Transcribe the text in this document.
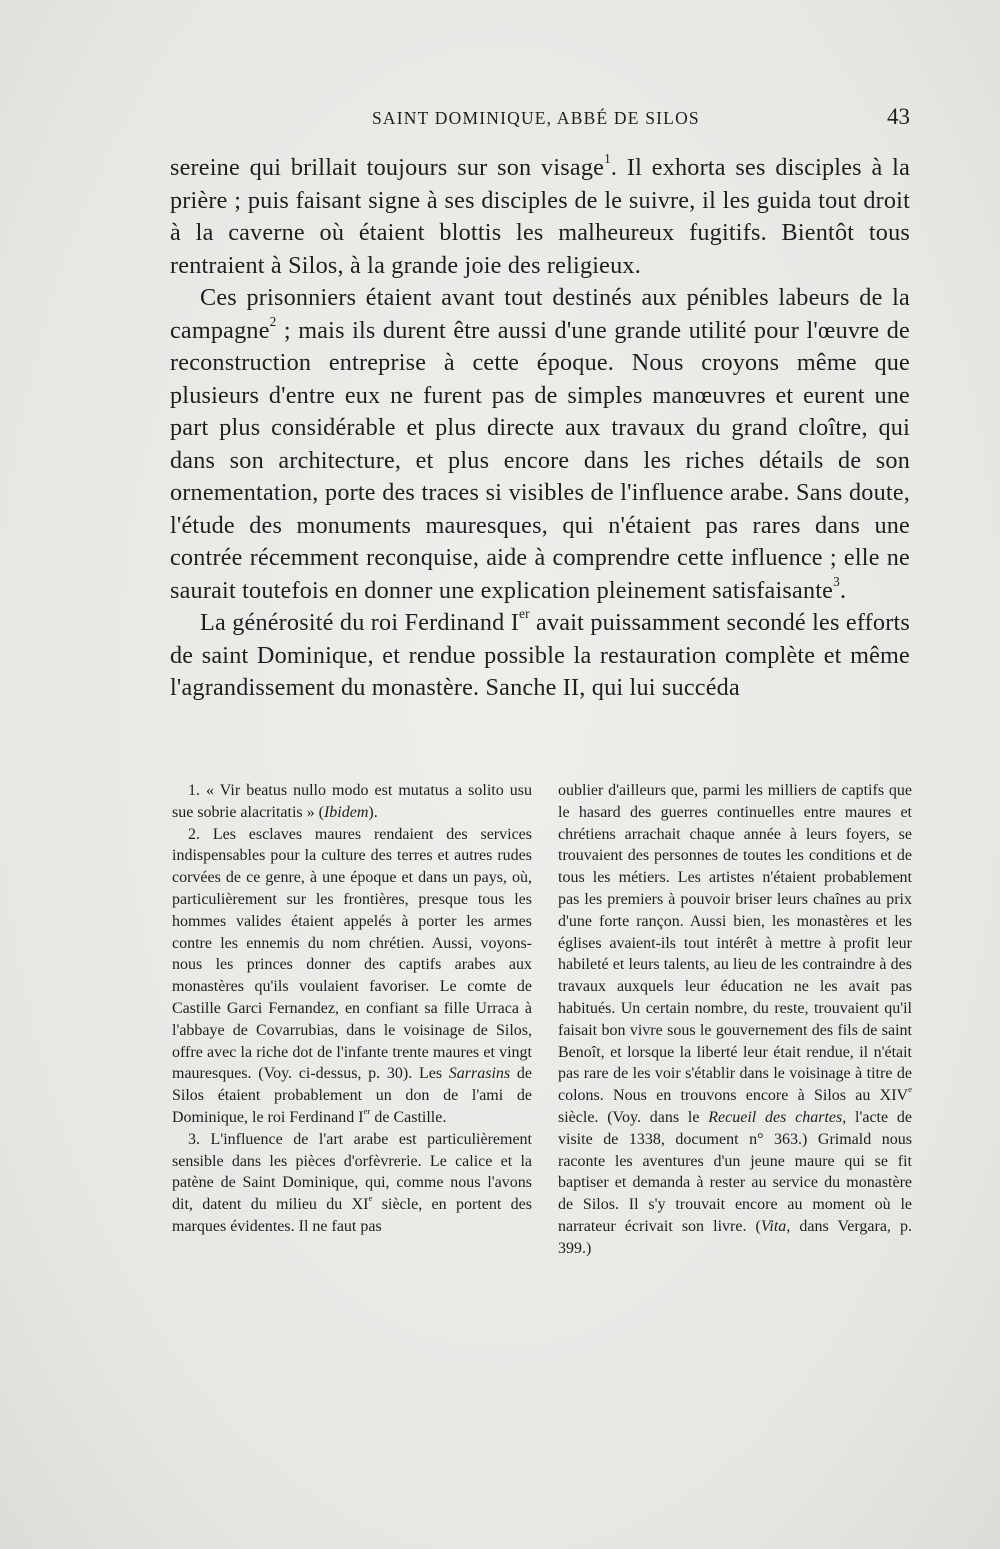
SAINT DOMINIQUE, ABBÉ DE SILOS	43

sereine qui brillait toujours sur son visage$^1$. Il exhorta ses disciples à la prière ; puis faisant signe à ses disciples de le suivre, il les guida tout droit à la caverne où étaient blottis les malheureux fugitifs. Bientôt tous rentraient à Silos, à la grande joie des religieux.

Ces prisonniers étaient avant tout destinés aux pénibles labeurs de la campagne$^2$ ; mais ils durent être aussi d'une grande utilité pour l'œuvre de reconstruction entreprise à cette époque. Nous croyons même que plusieurs d'entre eux ne furent pas de simples manœuvres et eurent une part plus considérable et plus directe aux travaux du grand cloître, qui dans son architecture, et plus encore dans les riches détails de son ornementation, porte des traces si visibles de l'influence arabe. Sans doute, l'étude des monuments mauresques, qui n'étaient pas rares dans une contrée récemment reconquise, aide à comprendre cette influence ; elle ne saurait toutefois en donner une explication pleinement satisfaisante$^3$.

La générosité du roi Ferdinand Ier avait puissamment secondé les efforts de saint Dominique, et rendue possible la restauration complète et même l'agrandissement du monastère. Sanche II, qui lui succéda

1. « Vir beatus nullo modo est mutatus a solito usu sue sobrie alacritatis » (Ibidem).

2. Les esclaves maures rendaient des services indispensables pour la culture des terres et autres rudes corvées de ce genre, à une époque et dans un pays, où, particulièrement sur les frontières, presque tous les hommes valides étaient appelés à porter les armes contre les ennemis du nom chrétien. Aussi, voyons-nous les princes donner des captifs arabes aux monastères qu'ils voulaient favoriser. Le comte de Castille Garci Fernandez, en confiant sa fille Urraca à l'abbaye de Covarrubias, dans le voisinage de Silos, offre avec la riche dot de l'infante trente maures et vingt mauresques. (Voy. ci-dessus, p. 30). Les Sarrasins de Silos étaient probablement un don de l'ami de Dominique, le roi Ferdinand Ier de Castille.

3. L'influence de l'art arabe est particulièrement sensible dans les pièces d'orfèvrerie. Le calice et la patène de Saint Dominique, qui, comme nous l'avons dit, datent du milieu du XIe siècle, en portent des marques évidentes. Il ne faut pas

oublier d'ailleurs que, parmi les milliers de captifs que le hasard des guerres continuelles entre maures et chrétiens arrachait chaque année à leurs foyers, se trouvaient des personnes de toutes les conditions et de tous les métiers. Les artistes n'étaient probablement pas les premiers à pouvoir briser leurs chaînes au prix d'une forte rançon. Aussi bien, les monastères et les églises avaient-ils tout intérêt à mettre à profit leur habileté et leurs talents, au lieu de les contraindre à des travaux auxquels leur éducation ne les avait pas habitués. Un certain nombre, du reste, trouvaient qu'il faisait bon vivre sous le gouvernement des fils de saint Benoît, et lorsque la liberté leur était rendue, il n'était pas rare de les voir s'établir dans le voisinage à titre de colons. Nous en trouvons encore à Silos au XIVe siècle. (Voy. dans le Recueil des chartes, l'acte de visite de 1338, document n° 363.) Grimald nous raconte les aventures d'un jeune maure qui se fit baptiser et demanda à rester au service du monastère de Silos. Il s'y trouvait encore au moment où le narrateur écrivait son livre. (Vita, dans Vergara, p. 399.)
